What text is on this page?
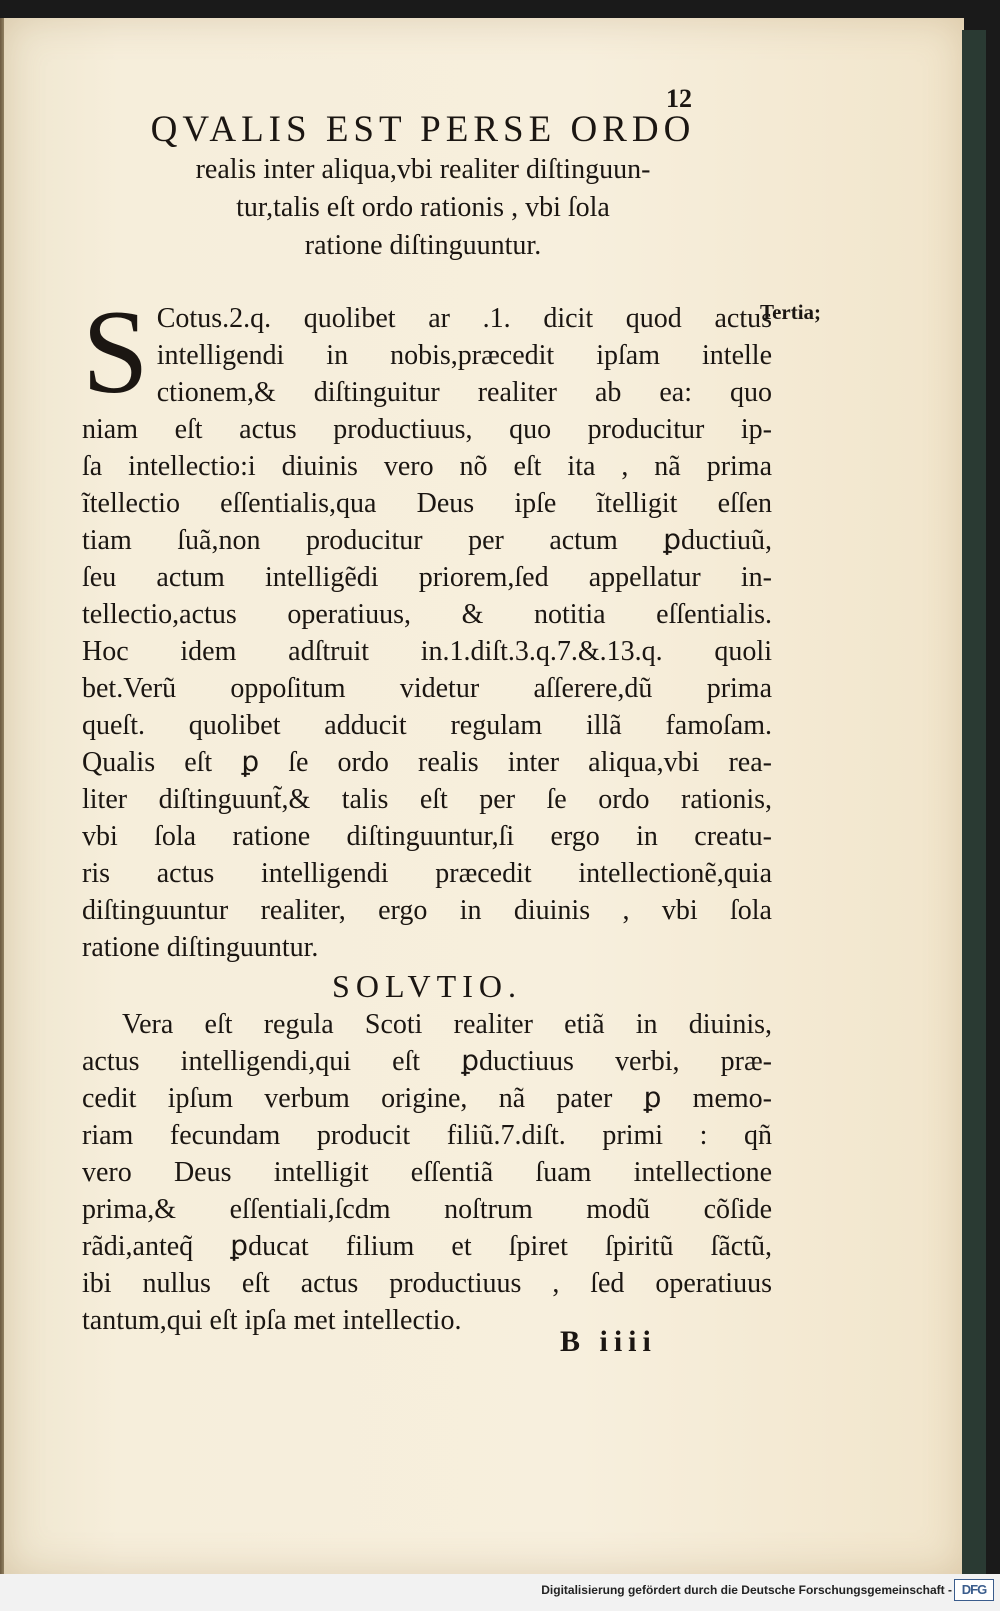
12
QVALIS EST PERSE ORDO
realis inter aliqua,vbi realiter diſtinguun-
tur,talis eſt ordo rationis , vbi ſola
ratione diſtinguuntur.
Tertia;
S Cotus.2.q. quolibet ar .1. dicit quod actus
intelligendi in nobis,præcedit ipſam intelle
ctionem,& diſtinguitur realiter ab ea: quo
niam eſt actus productiuus, quo producitur ip-
ſa intellectio:i diuinis vero nõ eſt ita , nã prima
ĩtellectio eſſentialis,qua Deus ipſe ĩtelligit eſſen
tiam ſuã,non producitur per actum ꝑductiuũ,
ſeu actum intelligẽdi priorem,ſed appellatur in-
tellectio,actus operatiuus, & notitia eſſentialis.
Hoc idem adſtruit in.1.diſt.3.q.7.&.13.q. quoli
bet.Verũ oppoſitum videtur aſſerere,dũ prima
queſt. quolibet adducit regulam illã famoſam.
Qualis eſt ꝑ ſe ordo realis inter aliqua,vbi rea-
liter diſtinguunt̃,& talis eſt per ſe ordo rationis,
vbi ſola ratione diſtinguuntur,ſi ergo in creatu-
ris actus intelligendi præcedit intellectionẽ,quia
diſtinguuntur realiter, ergo in diuinis , vbi ſola
ratione diſtinguuntur.
SOLVTIO.
Vera eſt regula Scoti realiter etiã in diuinis,
actus intelligendi,qui eſt ꝑductiuus verbi, præ-
cedit ipſum verbum origine, nã pater ꝑ memo-
riam fecundam producit filiũ.7.diſt. primi : qñ
vero Deus intelligit eſſentiã ſuam intellectione
prima,& eſſentiali,ſcdm noſtrum modũ cõſide
rãdi,anteq̃ ꝑducat filium et ſpiret ſpiritũ ſãctũ,
ibi nullus eſt actus productiuus , ſed operatiuus
tantum,qui eſt ipſa met intellectio.
B iiii
Digitalisierung gefördert durch die Deutsche Forschungsgemeinschaft - DFG
